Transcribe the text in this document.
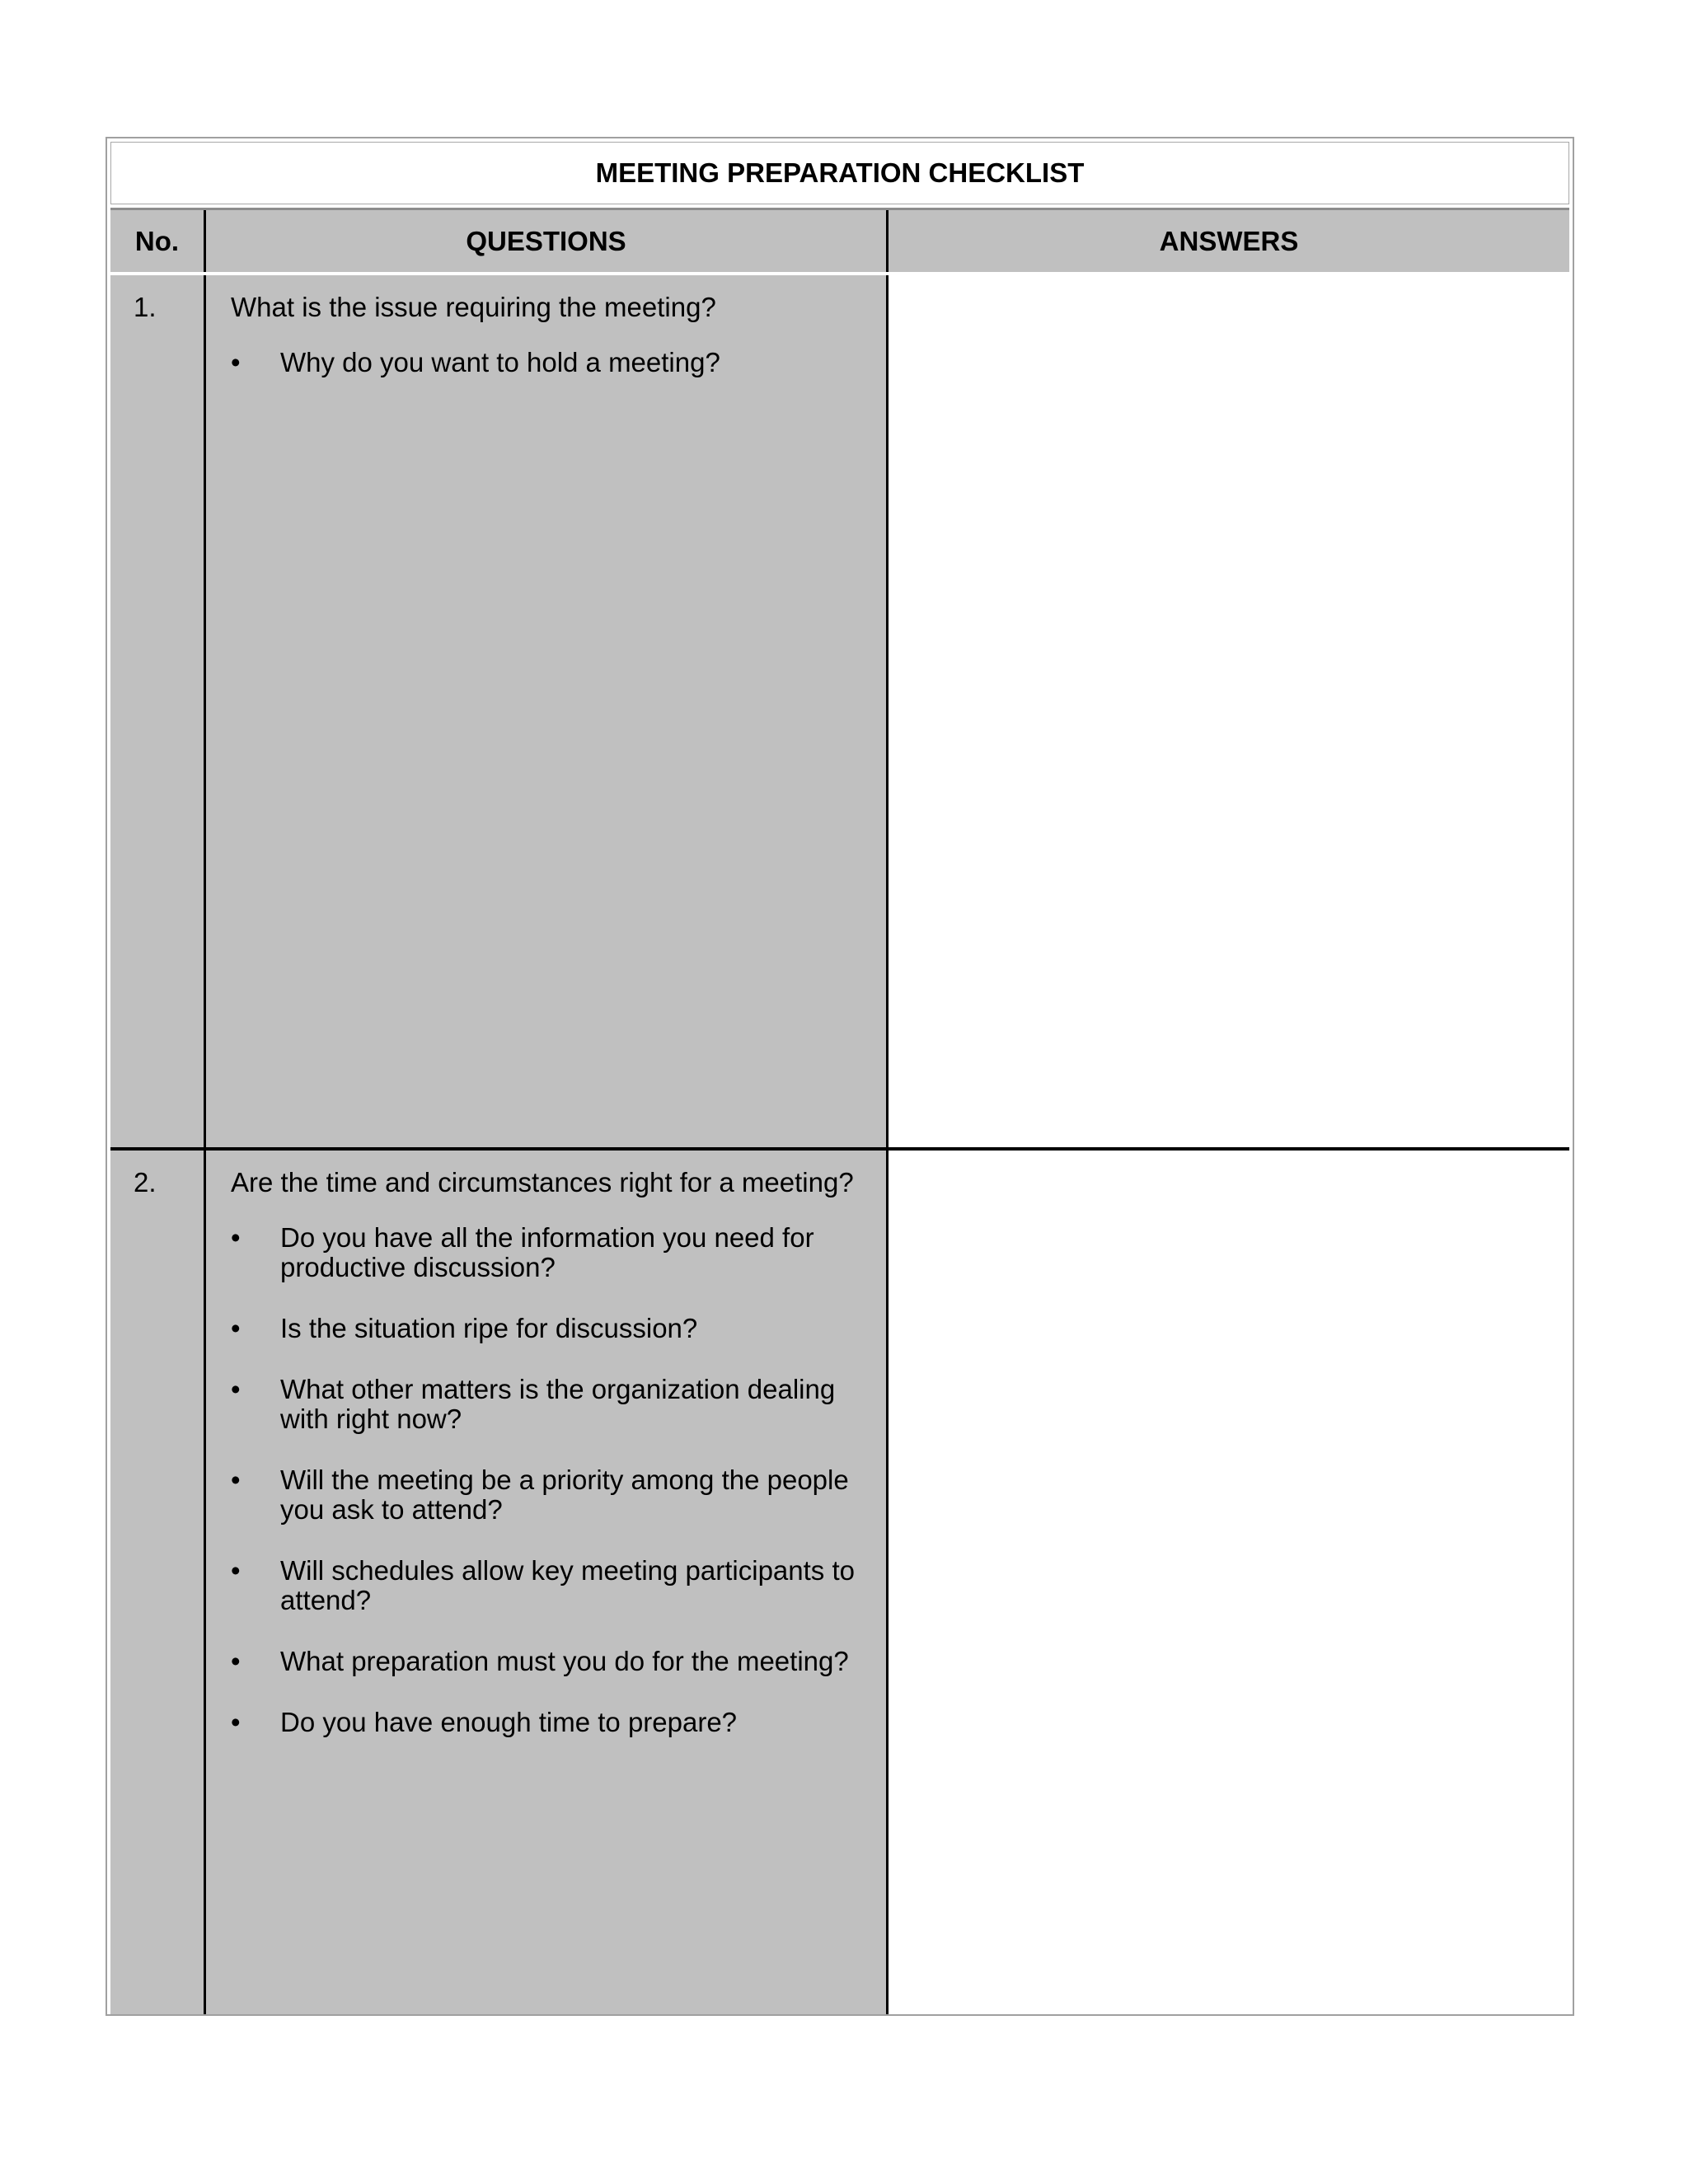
MEETING PREPARATION CHECKLIST
No.	QUESTIONS	ANSWERS
1.	What is the issue requiring the meeting?
• Why do you want to hold a meeting?
2.	Are the time and circumstances right for a meeting?
• Do you have all the information you need for productive discussion?
• Is the situation ripe for discussion?
• What other matters is the organization dealing with right now?
• Will the meeting be a priority among the people you ask to attend?
• Will schedules allow key meeting participants to attend?
• What preparation must you do for the meeting?
• Do you have enough time to prepare?
